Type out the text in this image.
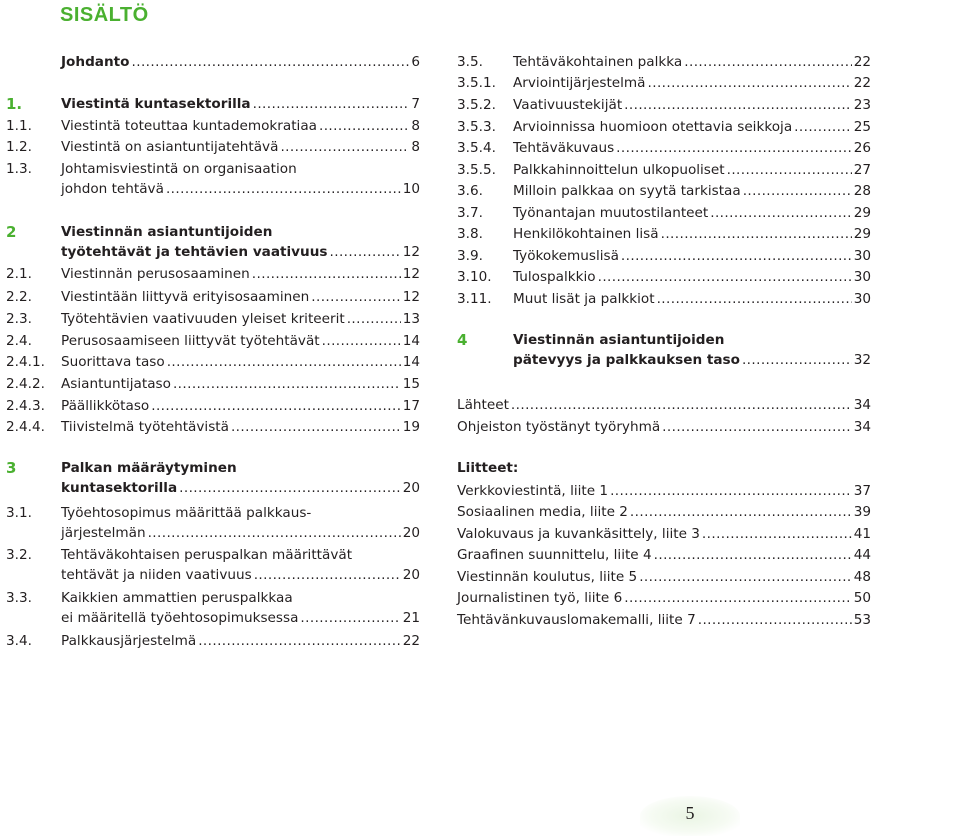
SISÄLTÖ
Johdanto .....	6
1.	Viestintä kuntasektorilla .....	7
1.1. Viestintä toteuttaa kuntademokratiaa .....	8
1.2. Viestintä on asiantuntijatehtävä .....	8
1.3. Johtamisviestintä on organisaation
johdon tehtävä .....	10
2	Viestinnän asiantuntijoiden
työtehtävät ja tehtävien vaativuus .....	12
2.1. Viestinnän perusosaaminen .....	12
2.2. Viestintään liittyvä erityisosaaminen .....	12
2.3. Työtehtävien vaativuuden yleiset kriteerit .....	13
2.4. Perusosaamiseen liittyvät työtehtävät .....	14
2.4.1. Suorittava taso .....	14
2.4.2. Asiantuntijataso .....	15
2.4.3. Päällikkötaso .....	17
2.4.4. Tiivistelmä työtehtävistä .....	19
3	Palkan määräytyminen
kuntasektorilla .....	20
3.1. Työehtosopimus määrittää palkkaus-
järjestelmän .....	20
3.2. Tehtäväkohtaisen peruspalkan määrittävät
tehtävät ja niiden vaativuus .....	20
3.3. Kaikkien ammattien peruspalkkaa
ei määritellä työehtosopimuksessa .....	21
3.4. Palkkausjärjestelmä .....	22
3.5. Tehtäväkohtainen palkka .....	22
3.5.1. Arviointijärjestelmä .....	22
3.5.2. Vaativuustekijät .....	23
3.5.3. Arvioinnissa huomioon otettavia seikkoja .....	25
3.5.4. Tehtäväkuvaus .....	26
3.5.5. Palkkahinnoittelun ulkopuoliset .....	27
3.6. Milloin palkkaa on syytä tarkistaa .....	28
3.7. Työnantajan muutostilanteet .....	29
3.8. Henkilökohtainen lisä .....	29
3.9. Työkokemuslisä .....	30
3.10. Tulospalkkio .....	30
3.11. Muut lisät ja palkkiot .....	30
4	Viestinnän asiantuntijoiden
pätevyys ja palkkauksen taso .....	32
Lähteet .....	34
Ohjeiston työstänyt työryhmä .....	34
Liitteet:
Verkkoviestintä, liite 1 .....	37
Sosiaalinen media, liite 2 .....	39
Valokuvaus ja kuvankäsittely, liite 3 .....	41
Graafinen suunnittelu, liite 4 .....	44
Viestinnän koulutus, liite 5 .....	48
Journalistinen työ, liite 6 .....	50
Tehtävänkuvauslomakemalli, liite 7 .....	53
5
